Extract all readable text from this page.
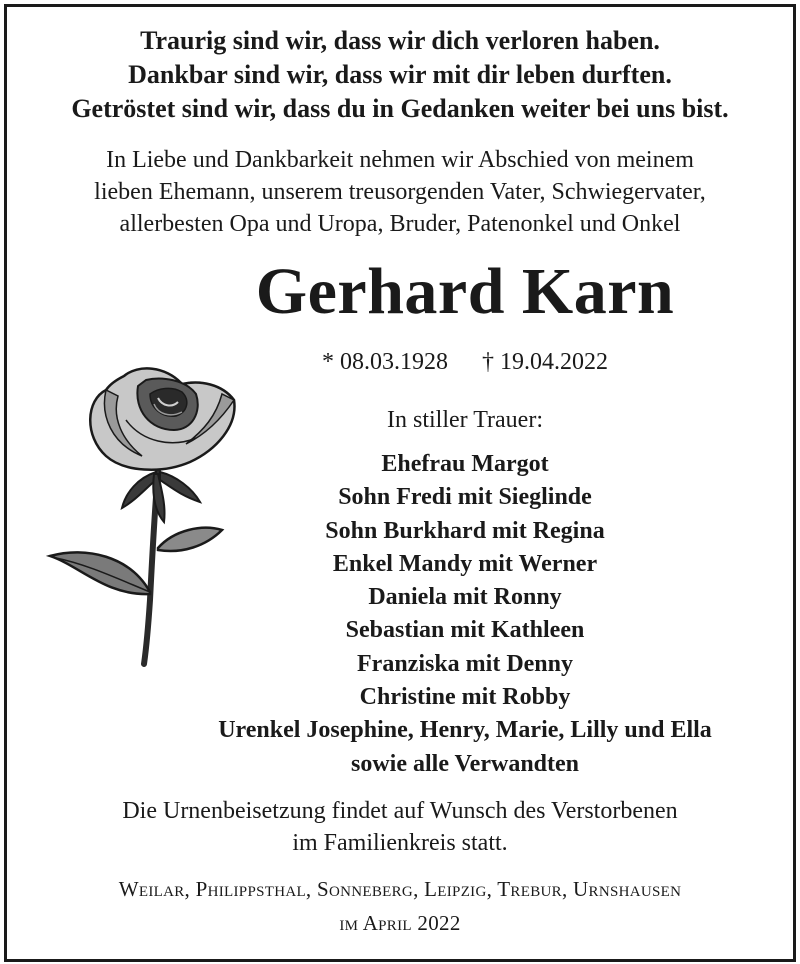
Traurig sind wir, dass wir dich verloren haben.
Dankbar sind wir, dass wir mit dir leben durften.
Getröstet sind wir, dass du in Gedanken weiter bei uns bist.
In Liebe und Dankbarkeit nehmen wir Abschied von meinem
lieben Ehemann, unserem treusorgenden Vater, Schwiegervater,
allerbesten Opa und Uropa, Bruder, Patenonkel und Onkel
Gerhard Karn
* 08.03.1928 † 19.04.2022
In stiller Trauer:
Ehefrau Margot
Sohn Fredi mit Sieglinde
Sohn Burkhard mit Regina
Enkel Mandy mit Werner
Daniela mit Ronny
Sebastian mit Kathleen
Franziska mit Denny
Christine mit Robby
Urenkel Josephine, Henry, Marie, Lilly und Ella
sowie alle Verwandten
Die Urnenbeisetzung findet auf Wunsch des Verstorbenen
im Familienkreis statt.
Weilar, Philippsthal, Sonneberg, Leipzig, Trebur, Urnshausen
im April 2022
